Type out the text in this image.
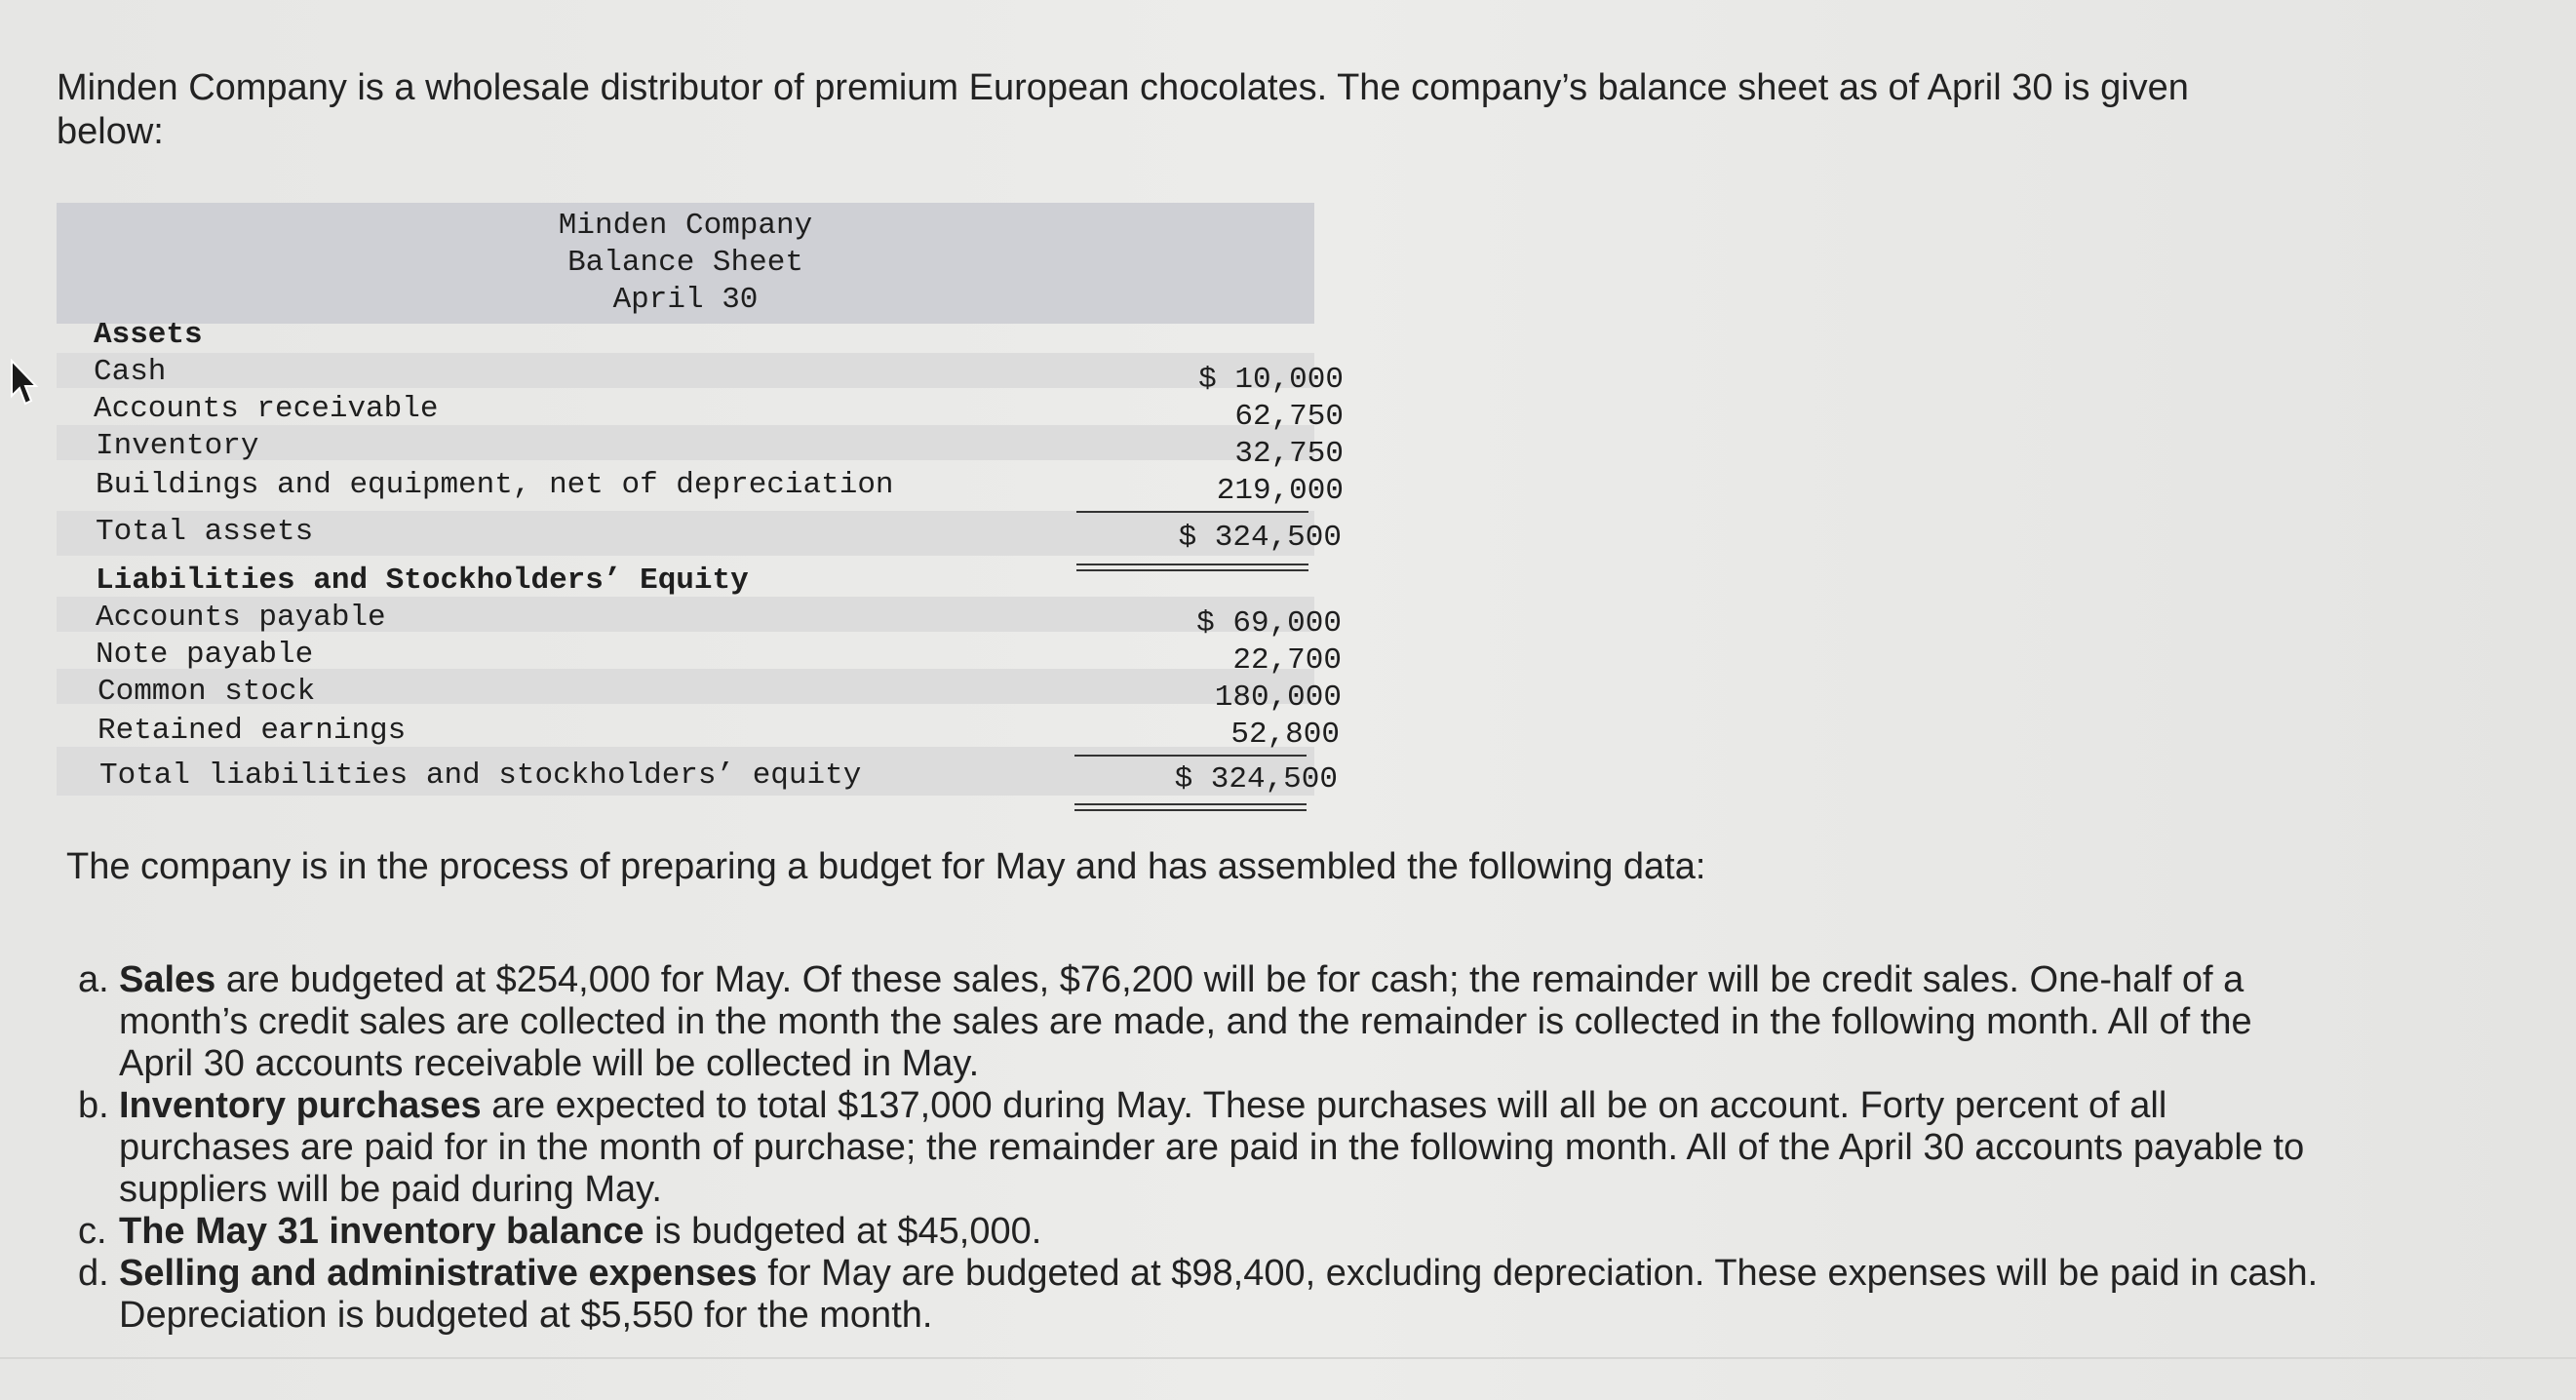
Minden Company is a wholesale distributor of premium European chocolates. The company’s balance sheet as of April 30 is given below:
Minden Company
Balance Sheet
April 30
Assets
Cash
Accounts receivable
Inventory
Buildings and equipment, net of depreciation
$ 10,000
62,750
32,750
219,000
Total assets	$ 324,500
Liabilities and Stockholders’ Equity
Accounts payable
Note payable
Common stock
Retained earnings
$ 69,000
22,700
180,000
52,800
Total liabilities and stockholders’ equity	$ 324,500
The company is in the process of preparing a budget for May and has assembled the following data:
a. Sales are budgeted at $254,000 for May. Of these sales, $76,200 will be for cash; the remainder will be credit sales. One-half of a month’s credit sales are collected in the month the sales are made, and the remainder is collected in the following month. All of the April 30 accounts receivable will be collected in May.
b. Inventory purchases are expected to total $137,000 during May. These purchases will all be on account. Forty percent of all purchases are paid for in the month of purchase; the remainder are paid in the following month. All of the April 30 accounts payable to suppliers will be paid during May.
c. The May 31 inventory balance is budgeted at $45,000.
d. Selling and administrative expenses for May are budgeted at $98,400, excluding depreciation. These expenses will be paid in cash. Depreciation is budgeted at $5,550 for the month.
